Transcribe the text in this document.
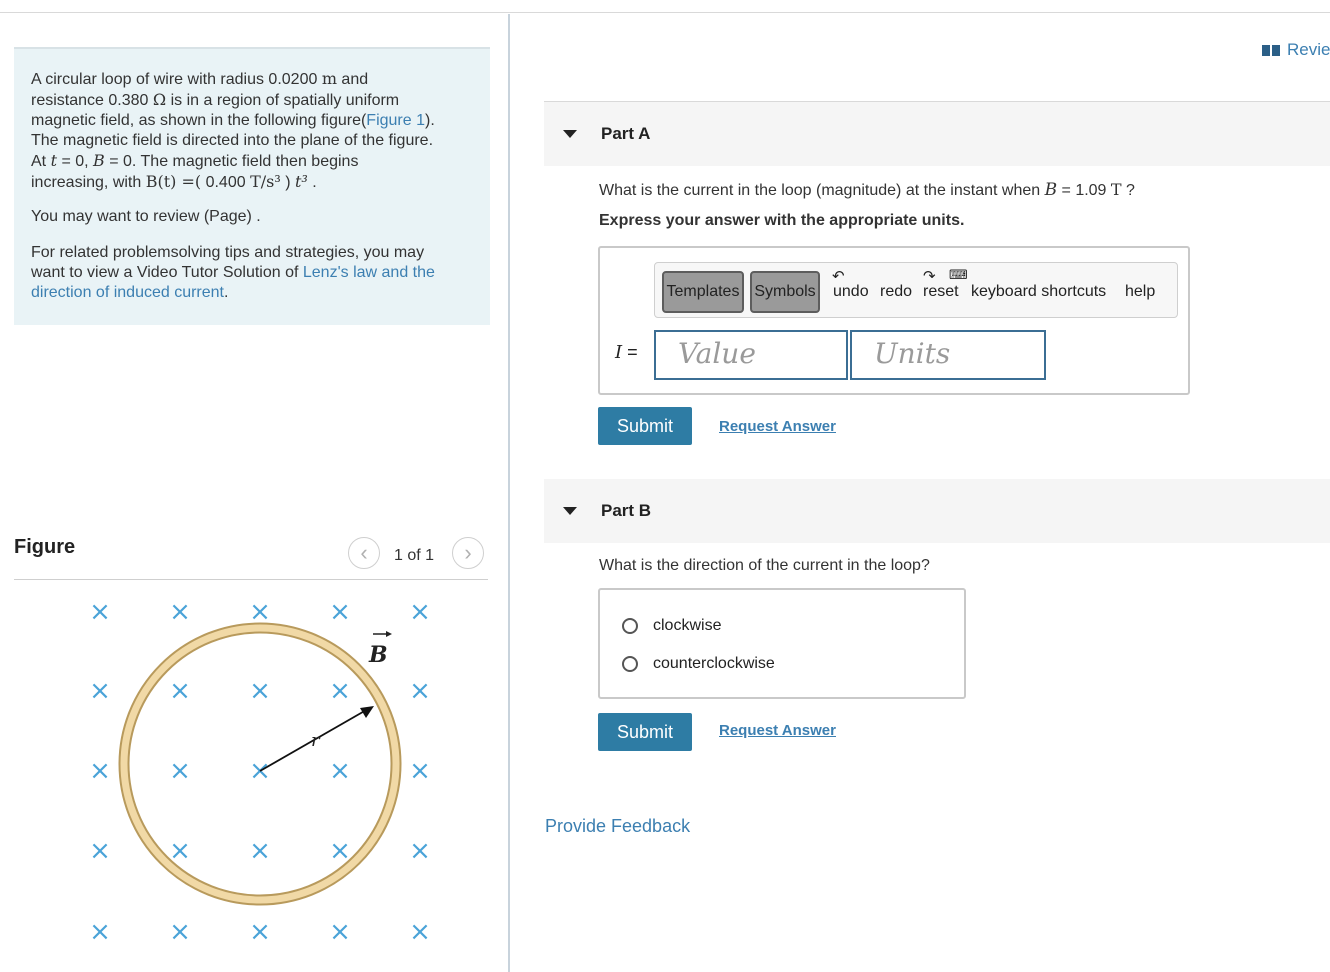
A circular loop of wire with radius 0.0200 m and

resistance 0.380 Ω is in a region of spatially uniform

magnetic field, as shown in the following figure(Figure 1).

The magnetic field is directed into the plane of the figure.

At t = 0, B = 0. The magnetic field then begins

increasing, with B(t) =( 0.400 T/s³ ) t³ .

You may want to review (Page) .

For related problemsolving tips and strategies, you may

want to view a Video Tutor Solution of Lenz's law and the

direction of induced current.

Figure	‹ 1 of 1 ›
× × × × ×
× × × × ×
× × × × ×
× × × × ×
× × × × ×
r
B
Revie
Part A
What is the current in the loop (magnitude) at the instant when B = 1.09 T ?
Express your answer with the appropriate units.
Templates Symbols
↶
undo
↷
redo reset
⌨
keyboard shortcuts help
I =	Value	Units
Submit	Request Answer
Part B
What is the direction of the current in the loop?
clockwise
counterclockwise
Submit	Request Answer
Provide Feedback
